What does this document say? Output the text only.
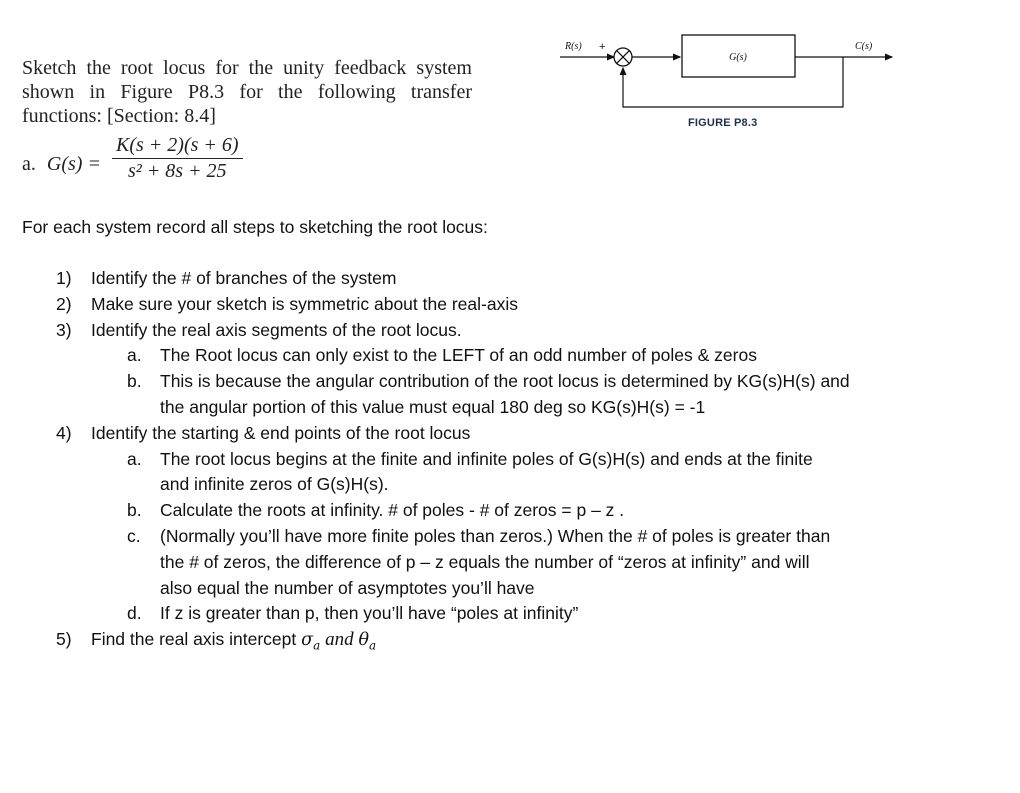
Sketch the root locus for the unity feedback system

shown in Figure P8.3 for the following transfer

functions: [Section: 8.4]

a. $G(s) = \frac{K(s + 2)(s + 6)}{\text{s² + 8s + 25}}$
R(s) +
G(s)
C(s)
FIGURE P8.3
For each system record all steps to sketching the root locus:
1) Identify the # of branches of the system
2) Make sure your sketch is symmetric about the real-axis
3) Identify the real axis segments of the root locus.
a. The Root locus can only exist to the LEFT of an odd number of poles & zeros
b. This is because the angular contribution of the root locus is determined by KG(s)H(s) and
the angular portion of this value must equal 180 deg so KG(s)H(s) = -1
4) Identify the starting & end points of the root locus
a. The root locus begins at the finite and infinite poles of G(s)H(s) and ends at the finite
and infinite zeros of G(s)H(s).
b. Calculate the roots at infinity. # of poles - # of zeros = p – z .
c. (Normally you’ll have more finite poles than zeros.) When the # of poles is greater than
the # of zeros, the difference of p – z equals the number of “zeros at infinity” and will
also equal the number of asymptotes you’ll have
d. If z is greater than p, then you’ll have “poles at infinity”
5) Find the real axis intercept $\sigma_a$ and $\theta_a$
